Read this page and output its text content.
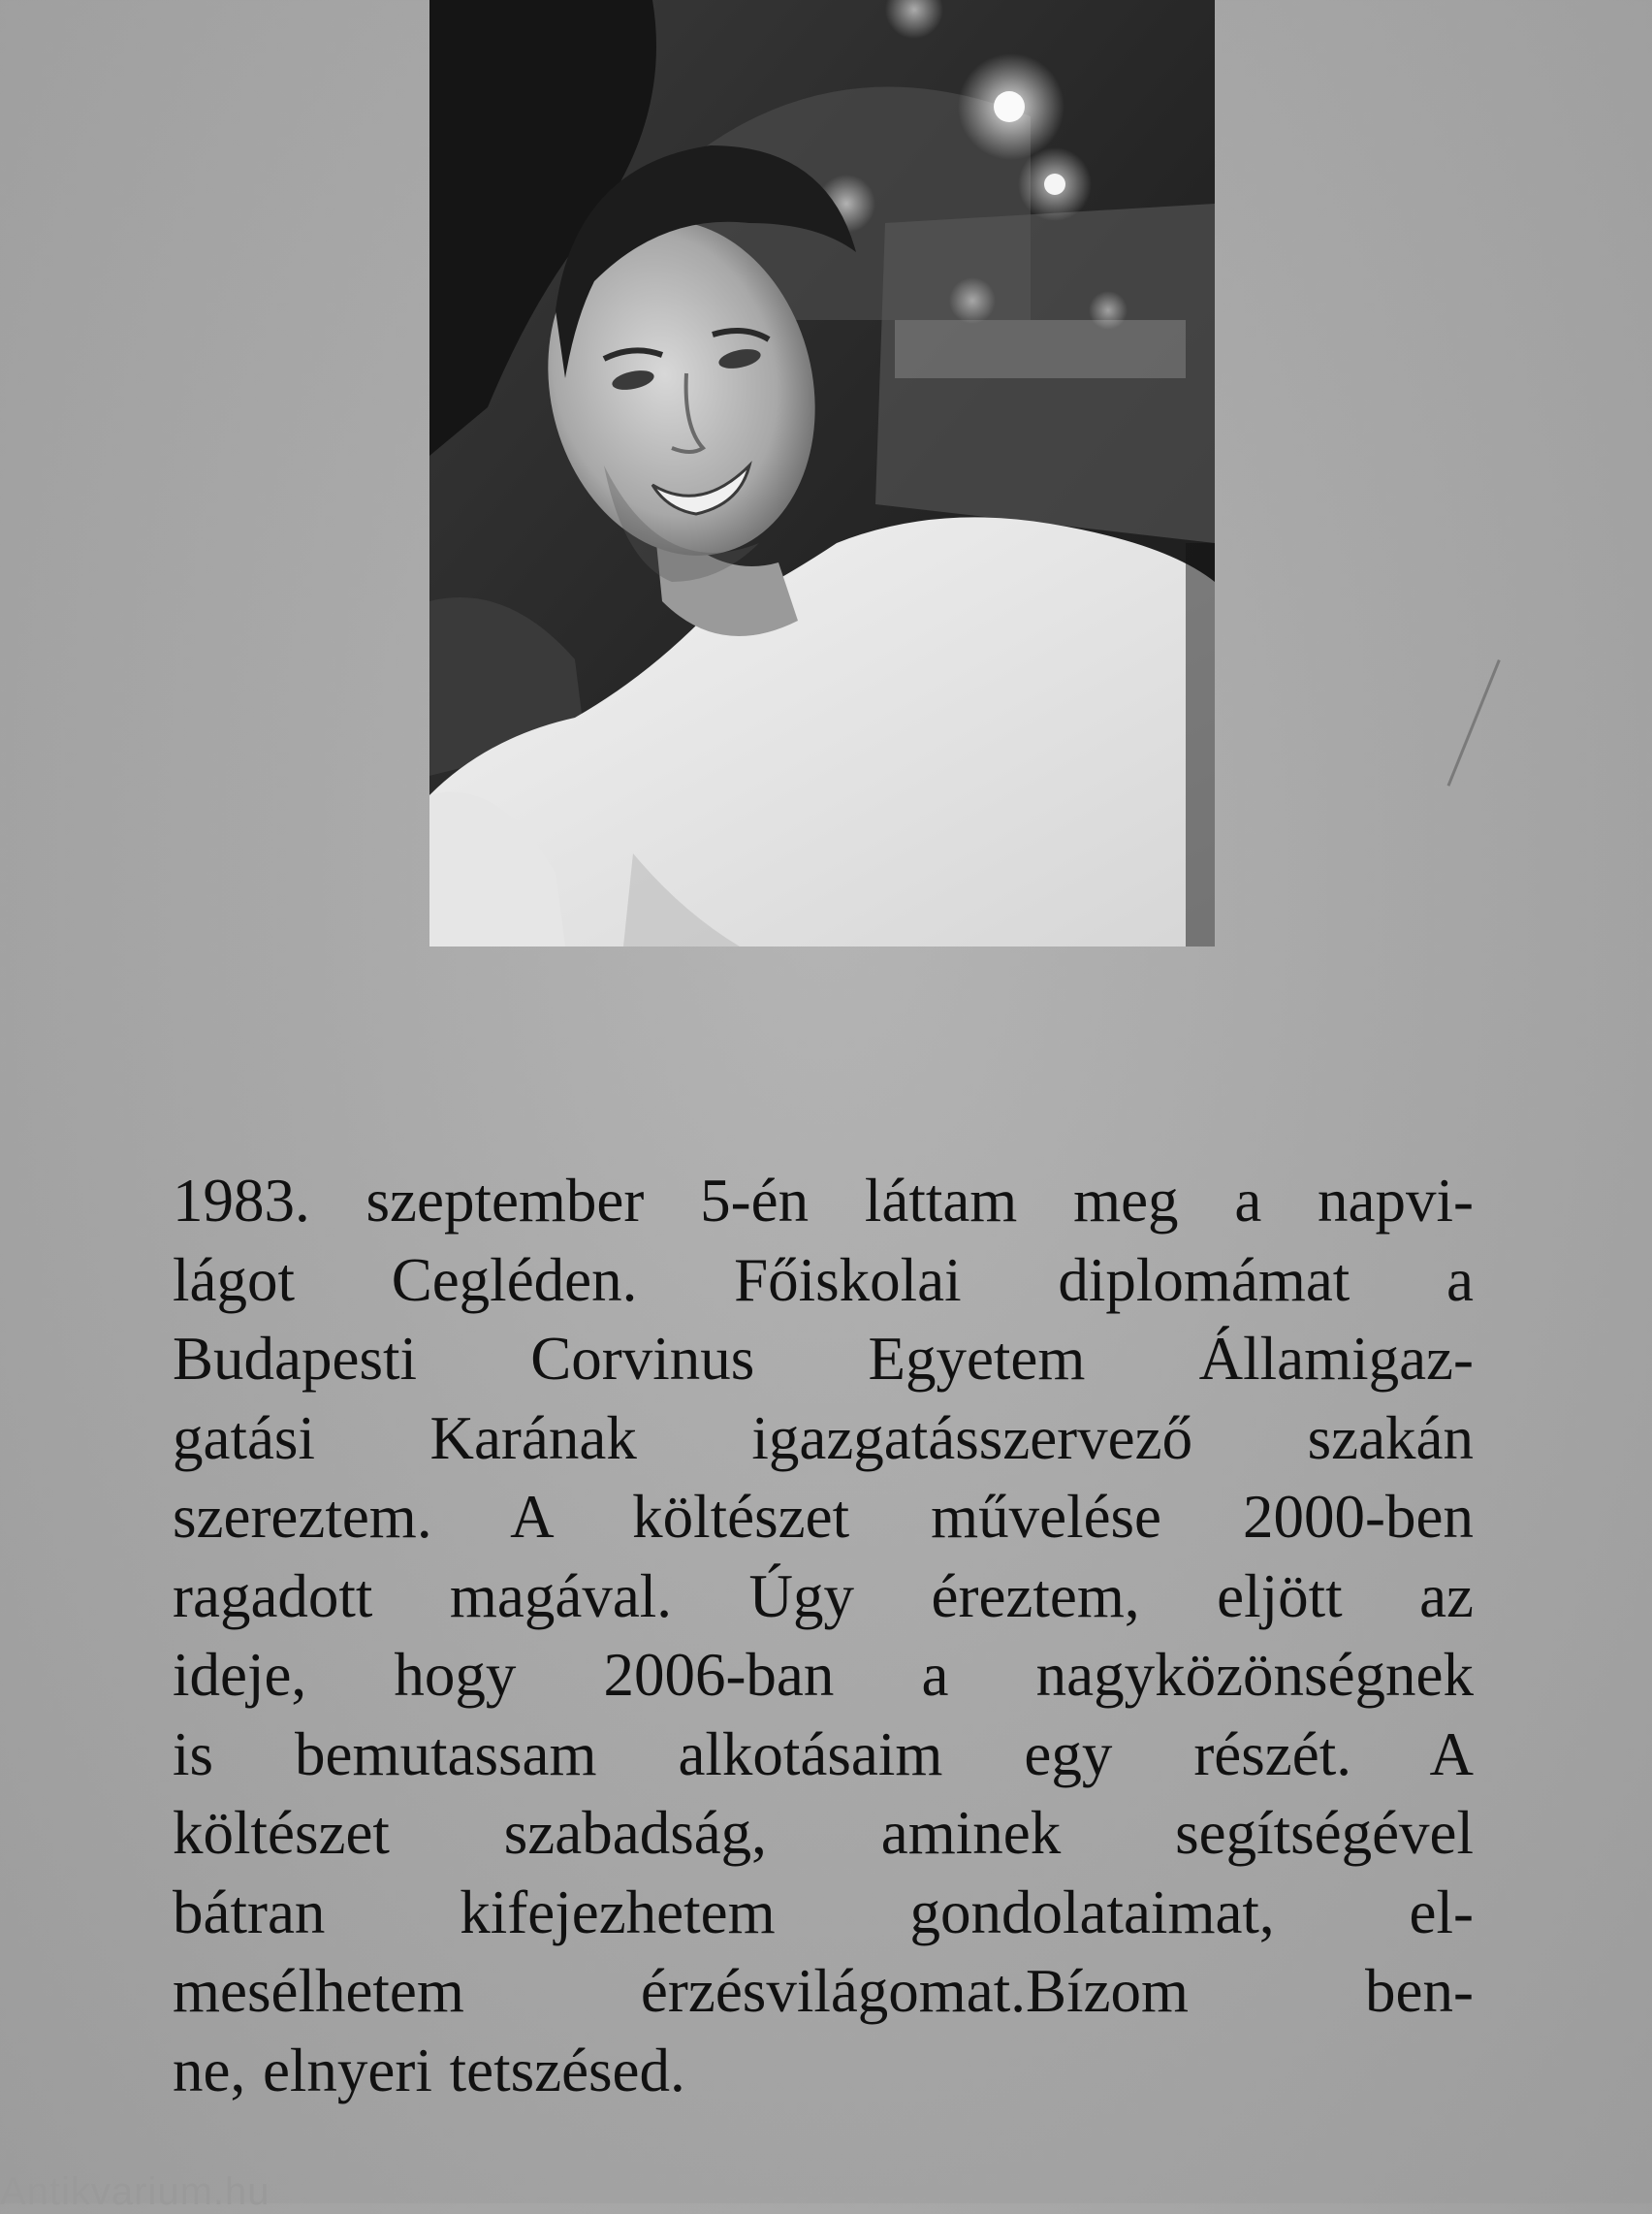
1983. szeptember 5-én láttam meg a napvi-
lágot Cegléden. Főiskolai diplomámat a
Budapesti Corvinus Egyetem Államigaz-
gatási Karának igazgatásszervező szakán
szereztem. A költészet művelése 2000-ben
ragadott magával. Úgy éreztem, eljött az
ideje, hogy 2006-ban a nagyközönségnek
is bemutassam alkotásaim egy részét. A
költészet szabadság, aminek segítségével
bátran kifejezhetem gondolataimat, el-
mesélhetem érzésvilágomat.Bízom ben-
ne, elnyeri tetszésed.
Antikvarium.hu
